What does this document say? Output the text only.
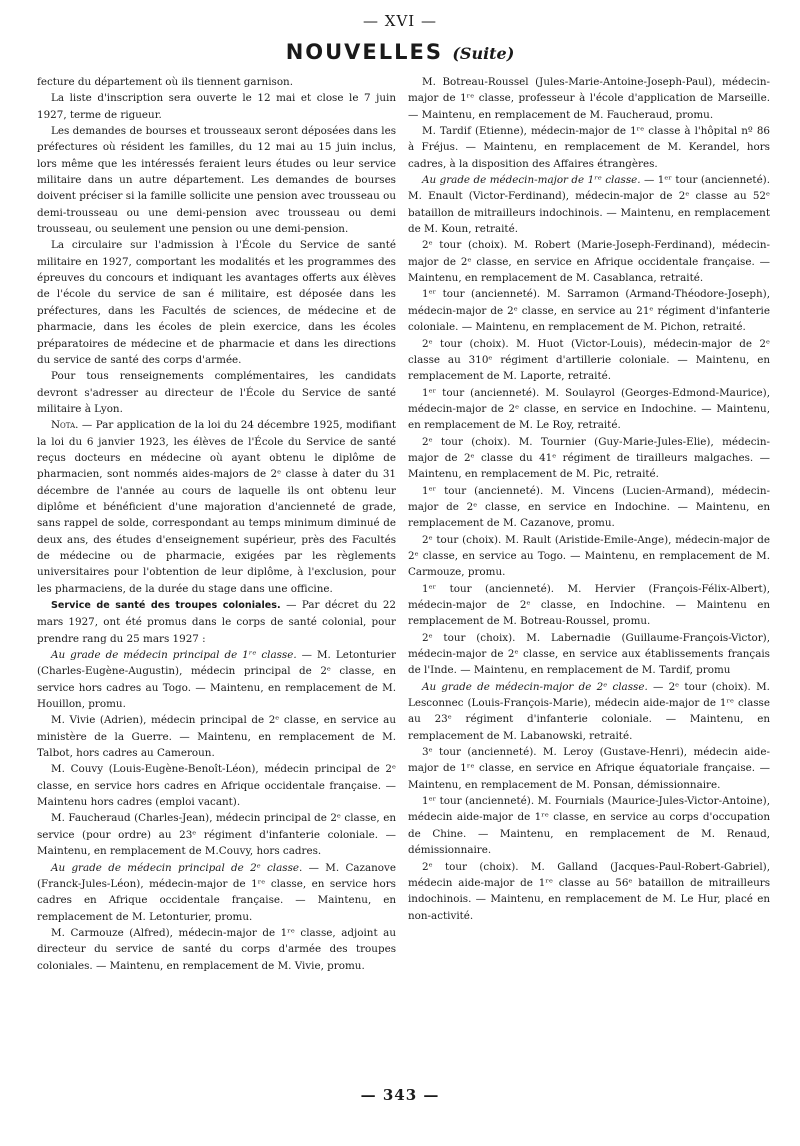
— XVI —
NOUVELLES (Suite)

fecture du département où ils tiennent garnison.

La liste d'inscription sera ouverte le 12 mai et close le 7 juin 1927, terme de rigueur.

Les demandes de bourses et trousseaux seront déposées dans les préfectures où résident les familles, du 12 mai au 15 juin inclus, lors même que les intéressés feraient leurs études ou leur service militaire dans un autre département. Les demandes de bourses doivent préciser si la famille sollicite une pension avec trousseau ou demi-trousseau ou une demi-pension avec trousseau ou demi trousseau, ou seulement une pension ou une demi-pension.

La circulaire sur l'admission à l'École du Service de santé militaire en 1927, comportant les modalités et les programmes des épreuves du concours et indiquant les avantages offerts aux élèves de l'école du service de san é militaire, est déposée dans les préfectures, dans les Facultés de sciences, de médecine et de pharmacie, dans les écoles de plein exercice, dans les écoles préparatoires de médecine et de pharmacie et dans les directions du service de santé des corps d'armée.

Pour tous renseignements complémentaires, les candidats devront s'adresser au directeur de l'École du Service de santé militaire à Lyon.

Nota. — Par application de la loi du 24 décembre 1925, modifiant la loi du 6 janvier 1923, les élèves de l'École du Service de santé reçus docteurs en médecine où ayant obtenu le diplôme de pharmacien, sont nommés aides-majors de 2ᵉ classe à dater du 31 décembre de l'année au cours de laquelle ils ont obtenu leur diplôme et bénéficient d'une majoration d'ancienneté de grade, sans rappel de solde, correspondant au temps minimum diminué de deux ans, des études d'enseignement supérieur, près des Facultés de médecine ou de pharmacie, exigées par les règlements universitaires pour l'obtention de leur diplôme, à l'exclusion, pour les pharmaciens, de la durée du stage dans une officine.

Service de santé des troupes coloniales. — Par décret du 22 mars 1927, ont été promus dans le corps de santé colonial, pour prendre rang du 25 mars 1927 :

Au grade de médecin principal de 1ʳᵉ classe. — M. Letonturier (Charles-Eugène-Augustin), médecin principal de 2ᵉ classe, en service hors cadres au Togo. — Maintenu, en remplacement de M. Houillon, promu.

M. Vivie (Adrien), médecin principal de 2ᵉ classe, en service au ministère de la Guerre. — Maintenu, en remplacement de M. Talbot, hors cadres au Cameroun.

M. Couvy (Louis-Eugène-Benoît-Léon), médecin principal de 2ᵉ classe, en service hors cadres en Afrique occidentale française. — Maintenu hors cadres (emploi vacant).

M. Faucheraud (Charles-Jean), médecin principal de 2ᵉ classe, en service (pour ordre) au 23ᵉ régiment d'infanterie coloniale. —Maintenu, en remplacement de M.Couvy, hors cadres.

Au grade de médecin principal de 2ᵉ classe. — M. Cazanove (Franck-Jules-Léon), médecin-major de 1ʳᵉ classe, en service hors cadres en Afrique occidentale française. — Maintenu, en remplacement de M. Letonturier, promu.

M. Carmouze (Alfred), médecin-major de 1ʳᵉ classe, adjoint au directeur du service de santé du corps d'armée des troupes coloniales. — Maintenu, en remplacement de M. Vivie, promu.

M. Botreau-Roussel (Jules-Marie-Antoine-Joseph-Paul), médecin-major de 1ʳᵉ classe, professeur à l'école d'application de Marseille. — Maintenu, en remplacement de M. Faucheraud, promu.

M. Tardif (Etienne), médecin-major de 1ʳᵉ classe à l'hôpital nº 86 à Fréjus. — Maintenu, en remplacement de M. Kerandel, hors cadres, à la disposition des Affaires étrangères.

Au grade de médecin-major de 1ʳᵉ classe. — 1ᵉʳ tour (ancienneté). M. Enault (Victor-Ferdinand), médecin-major de 2ᵉ classe au 52ᵉ bataillon de mitrailleurs indochinois. — Maintenu, en remplacement de M. Koun, retraité.

2ᵉ tour (choix). M. Robert (Marie-Joseph-Ferdinand), médecin-major de 2ᵉ classe, en service en Afrique occidentale française. — Maintenu, en remplacement de M. Casablanca, retraité.

1ᵉʳ tour (ancienneté). M. Sarramon (Armand-Théodore-Joseph), médecin-major de 2ᵉ classe, en service au 21ᵉ régiment d'infanterie coloniale. — Maintenu, en remplacement de M. Pichon, retraité.

2ᵉ tour (choix). M. Huot (Victor-Louis), médecin-major de 2ᵉ classe au 310ᵉ régiment d'artillerie coloniale. — Maintenu, en remplacement de M. Laporte, retraité.

1ᵉʳ tour (ancienneté). M. Soulayrol (Georges-Edmond-Maurice), médecin-major de 2ᵉ classe, en service en Indochine. — Maintenu, en remplacement de M. Le Roy, retraité.

2ᵉ tour (choix). M. Tournier (Guy-Marie-Jules-Elie), médecin-major de 2ᵉ classe du 41ᵉ régiment de tirailleurs malgaches. — Maintenu, en remplacement de M. Pic, retraité.

1ᵉʳ tour (ancienneté). M. Vincens (Lucien-Armand), médecin-major de 2ᵉ classe, en service en Indochine. — Maintenu, en remplacement de M. Cazanove, promu.

2ᵉ tour (choix). M. Rault (Aristide-Emile-Ange), médecin-major de 2ᵉ classe, en service au Togo. — Maintenu, en remplacement de M. Carmouze, promu.

1ᵉʳ tour (ancienneté). M. Hervier (François-Félix-Albert), médecin-major de 2ᵉ classe, en Indochine. — Maintenu en remplacement de M. Botreau-Roussel, promu.

2ᵉ tour (choix). M. Labernadie (Guillaume-François-Victor), médecin-major de 2ᵉ classe, en service aux établissements français de l'Inde. — Maintenu, en remplacement de M. Tardif, promu

Au grade de médecin-major de 2ᵉ classe. — 2ᵉ tour (choix). M. Lesconnec (Louis-François-Marie), médecin aide-major de 1ʳᵉ classe au 23ᵉ régiment d'infanterie coloniale. — Maintenu, en remplacement de M. Labanowski, retraité.

3ᵉ tour (ancienneté). M. Leroy (Gustave-Henri), médecin aide-major de 1ʳᵉ classe, en service en Afrique équatoriale française. — Maintenu, en remplacement de M. Ponsan, démissionnaire.

1ᵉʳ tour (ancienneté). M. Fournials (Maurice-Jules-Victor-Antoine), médecin aide-major de 1ʳᵉ classe, en service au corps d'occupation de Chine. — Maintenu, en remplacement de M. Renaud, démissionnaire.

2ᵉ tour (choix). M. Galland (Jacques-Paul-Robert-Gabriel), médecin aide-major de 1ʳᵉ classe au 56ᵉ bataillon de mitrailleurs indochinois. — Maintenu, en remplacement de M. Le Hur, placé en non-activité.

— 343 —
